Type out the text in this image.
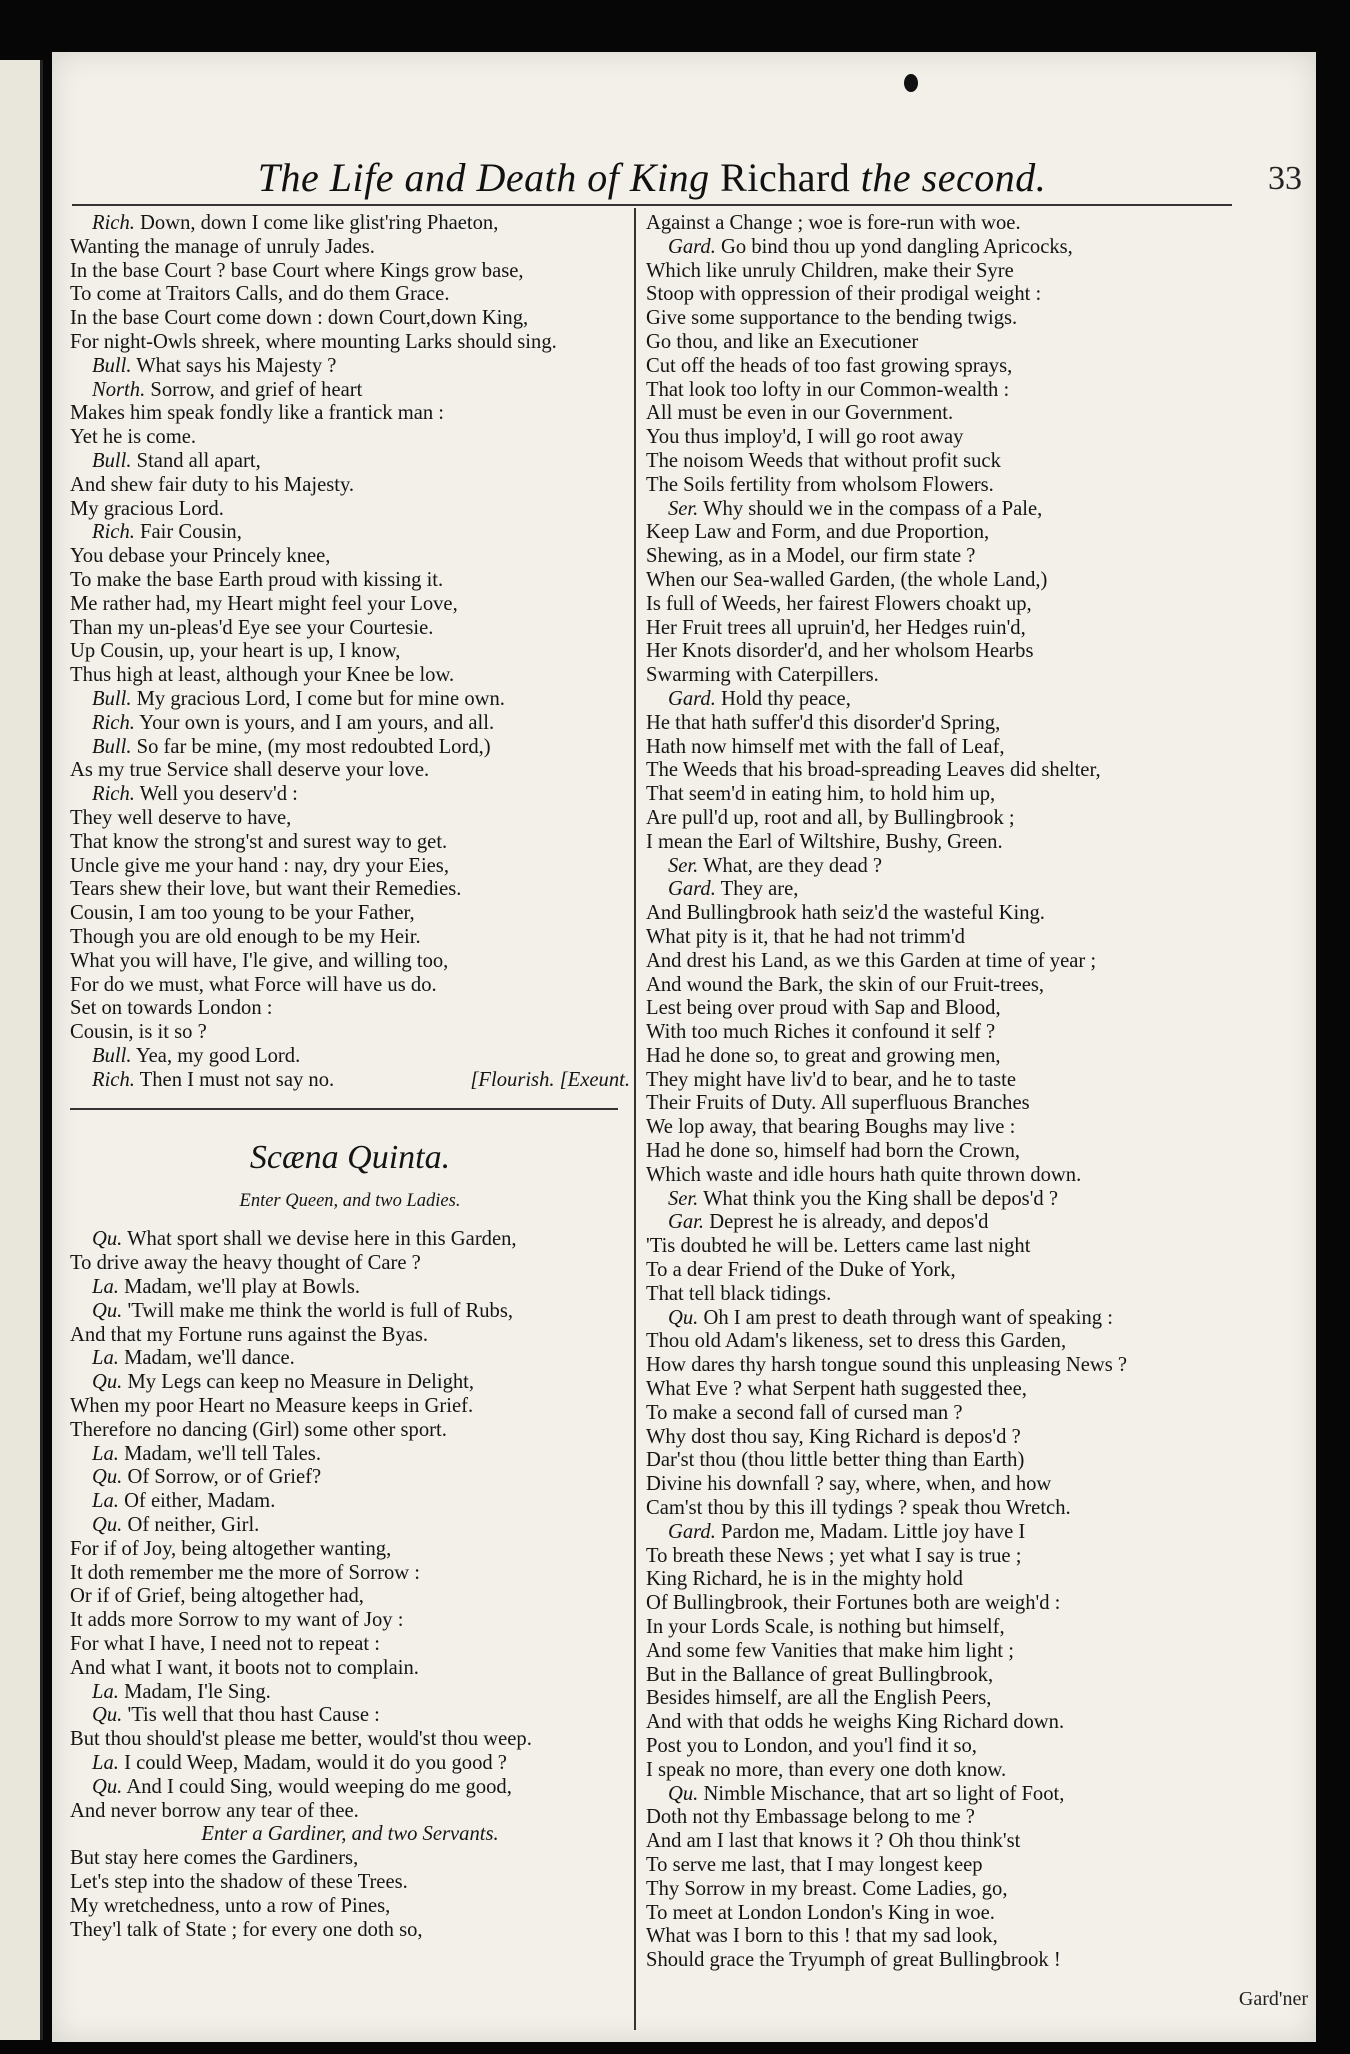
The Life and Death of King Richard the second.	33
Rich. Down, down I come like glist'ring Phaeton,
Wanting the manage of unruly Jades.
In the base Court ? base Court where Kings grow base,
To come at Traitors Calls, and do them Grace.
In the base Court come down : down Court,down King,
For night-Owls shreek, where mounting Larks should sing.
Bull. What says his Majesty ?
North. Sorrow, and grief of heart
Makes him speak fondly like a frantick man :
Yet he is come.
Bull. Stand all apart,
And shew fair duty to his Majesty.
My gracious Lord.
Rich. Fair Cousin,
You debase your Princely knee,
To make the base Earth proud with kissing it.
Me rather had, my Heart might feel your Love,
Than my un-pleas'd Eye see your Courtesie.
Up Cousin, up, your heart is up, I know,
Thus high at least, although your Knee be low.
Bull. My gracious Lord, I come but for mine own.
Rich. Your own is yours, and I am yours, and all.
Bull. So far be mine, (my most redoubted Lord,)
As my true Service shall deserve your love.
Rich. Well you deserv'd :
They well deserve to have,
That know the strong'st and surest way to get.
Uncle give me your hand : nay, dry your Eies,
Tears shew their love, but want their Remedies.
Cousin, I am too young to be your Father,
Though you are old enough to be my Heir.
What you will have, I'le give, and willing too,
For do we must, what Force will have us do.
Set on towards London :
Cousin, is it so ?
Bull. Yea, my good Lord.
Rich. Then I must not say no.	[Flourish. [Exeunt.
Scæna Quinta.
Enter Queen, and two Ladies.
Qu. What sport shall we devise here in this Garden,
To drive away the heavy thought of Care ?
La. Madam, we'll play at Bowls.
Qu. 'Twill make me think the world is full of Rubs,
And that my Fortune runs against the Byas.
La. Madam, we'll dance.
Qu. My Legs can keep no Measure in Delight,
When my poor Heart no Measure keeps in Grief.
Therefore no dancing (Girl) some other sport.
La. Madam, we'll tell Tales.
Qu. Of Sorrow, or of Grief?
La. Of either, Madam.
Qu. Of neither, Girl.
For if of Joy, being altogether wanting,
It doth remember me the more of Sorrow :
Or if of Grief, being altogether had,
It adds more Sorrow to my want of Joy :
For what I have, I need not to repeat :
And what I want, it boots not to complain.
La. Madam, I'le Sing.
Qu. 'Tis well that thou hast Cause :
But thou should'st please me better, would'st thou weep.
La. I could Weep, Madam, would it do you good ?
Qu. And I could Sing, would weeping do me good,
And never borrow any tear of thee.
Enter a Gardiner, and two Servants.
But stay here comes the Gardiners,
Let's step into the shadow of these Trees.
My wretchedness, unto a row of Pines,
They'l talk of State ; for every one doth so,
Against a Change ; woe is fore-run with woe.
Gard. Go bind thou up yond dangling Apricocks,
Which like unruly Children, make their Syre
Stoop with oppression of their prodigal weight :
Give some supportance to the bending twigs.
Go thou, and like an Executioner
Cut off the heads of too fast growing sprays,
That look too lofty in our Common-wealth :
All must be even in our Government.
You thus imploy'd, I will go root away
The noisom Weeds that without profit suck
The Soils fertility from wholsom Flowers.
Ser. Why should we in the compass of a Pale,
Keep Law and Form, and due Proportion,
Shewing, as in a Model, our firm state ?
When our Sea-walled Garden, (the whole Land,)
Is full of Weeds, her fairest Flowers choakt up,
Her Fruit trees all upruin'd, her Hedges ruin'd,
Her Knots disorder'd, and her wholsom Hearbs
Swarming with Caterpillers.
Gard. Hold thy peace,
He that hath suffer'd this disorder'd Spring,
Hath now himself met with the fall of Leaf,
The Weeds that his broad-spreading Leaves did shelter,
That seem'd in eating him, to hold him up,
Are pull'd up, root and all, by Bullingbrook ;
I mean the Earl of Wiltshire, Bushy, Green.
Ser. What, are they dead ?
Gard. They are,
And Bullingbrook hath seiz'd the wasteful King.
What pity is it, that he had not trimm'd
And drest his Land, as we this Garden at time of year ;
And wound the Bark, the skin of our Fruit-trees,
Lest being over proud with Sap and Blood,
With too much Riches it confound it self ?
Had he done so, to great and growing men,
They might have liv'd to bear, and he to taste
Their Fruits of Duty. All superfluous Branches
We lop away, that bearing Boughs may live :
Had he done so, himself had born the Crown,
Which waste and idle hours hath quite thrown down.
Ser. What think you the King shall be depos'd ?
Gar. Deprest he is already, and depos'd
'Tis doubted he will be. Letters came last night
To a dear Friend of the Duke of York,
That tell black tidings.
Qu. Oh I am prest to death through want of speaking :
Thou old Adam's likeness, set to dress this Garden,
How dares thy harsh tongue sound this unpleasing News ?
What Eve ? what Serpent hath suggested thee,
To make a second fall of cursed man ?
Why dost thou say, King Richard is depos'd ?
Dar'st thou (thou little better thing than Earth)
Divine his downfall ? say, where, when, and how
Cam'st thou by this ill tydings ? speak thou Wretch.
Gard. Pardon me, Madam. Little joy have I
To breath these News ; yet what I say is true ;
King Richard, he is in the mighty hold
Of Bullingbrook, their Fortunes both are weigh'd :
In your Lords Scale, is nothing but himself,
And some few Vanities that make him light ;
But in the Ballance of great Bullingbrook,
Besides himself, are all the English Peers,
And with that odds he weighs King Richard down.
Post you to London, and you'l find it so,
I speak no more, than every one doth know.
Qu. Nimble Mischance, that art so light of Foot,
Doth not thy Embassage belong to me ?
And am I last that knows it ? Oh thou think'st
To serve me last, that I may longest keep
Thy Sorrow in my breast. Come Ladies, go,
To meet at London London's King in woe.
What was I born to this ! that my sad look,
Should grace the Tryumph of great Bullingbrook !
Gard'ner
